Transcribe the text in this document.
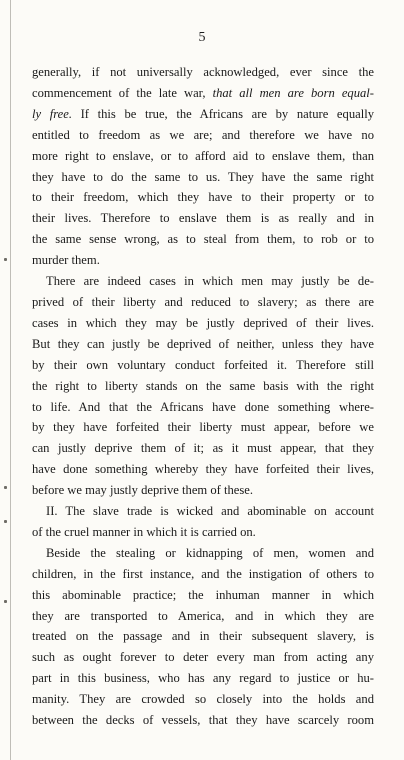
5

generally, if not universally acknowledged, ever since the
commencement of the late war, that all men are born equal-
ly free. If this be true, the Africans are by nature equally
entitled to freedom as we are; and therefore we have no
more right to enslave, or to afford aid to enslave them, than
they have to do the same to us. They have the same right
to their freedom, which they have to their property or to
their lives. Therefore to enslave them is as really and in
the same sense wrong, as to steal from them, to rob or to
murder them.

There are indeed cases in which men may justly be de-
prived of their liberty and reduced to slavery; as there are
cases in which they may be justly deprived of their lives.
But they can justly be deprived of neither, unless they have
by their own voluntary conduct forfeited it. Therefore still
the right to liberty stands on the same basis with the right
to life. And that the Africans have done something where-
by they have forfeited their liberty must appear, before we
can justly deprive them of it; as it must appear, that they
have done something whereby they have forfeited their lives,
before we may justly deprive them of these.

II. The slave trade is wicked and abominable on account
of the cruel manner in which it is carried on.

Beside the stealing or kidnapping of men, women and
children, in the first instance, and the instigation of others to
this abominable practice; the inhuman manner in which
they are transported to America, and in which they are
treated on the passage and in their subsequent slavery, is
such as ought forever to deter every man from acting any
part in this business, who has any regard to justice or hu-
manity. They are crowded so closely into the holds and
between the decks of vessels, that they have scarcely room
